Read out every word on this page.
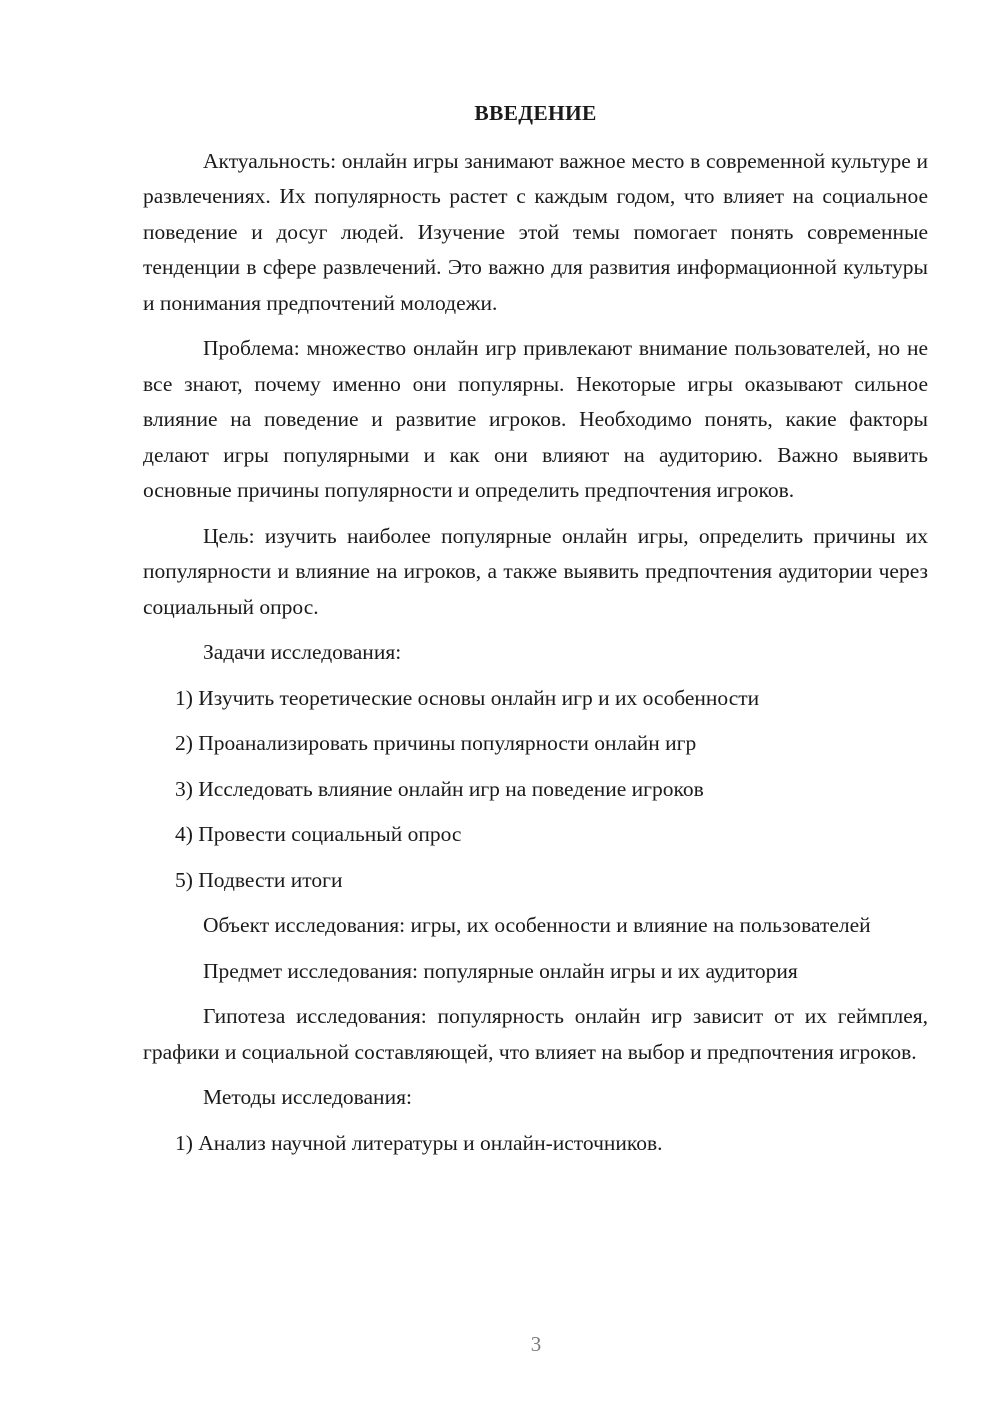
ВВЕДЕНИЕ

Актуальность: онлайн игры занимают важное место в современной культуре и развлечениях. Их популярность растет с каждым годом, что влияет на социальное поведение и досуг людей. Изучение этой темы помогает понять современные тенденции в сфере развлечений. Это важно для развития информационной культуры и понимания предпочтений молодежи.

Проблема: множество онлайн игр привлекают внимание пользователей, но не все знают, почему именно они популярны. Некоторые игры оказывают сильное влияние на поведение и развитие игроков. Необходимо понять, какие факторы делают игры популярными и как они влияют на аудиторию. Важно выявить основные причины популярности и определить предпочтения игроков.

Цель: изучить наиболее популярные онлайн игры, определить причины их популярности и влияние на игроков, а также выявить предпочтения аудитории через социальный опрос.

Задачи исследования:

1) Изучить теоретические основы онлайн игр и их особенности

2) Проанализировать причины популярности онлайн игр

3) Исследовать влияние онлайн игр на поведение игроков

4) Провести социальный опрос

5) Подвести итоги

Объект исследования: игры, их особенности и влияние на пользователей

Предмет исследования: популярные онлайн игры и их аудитория

Гипотеза исследования: популярность онлайн игр зависит от их геймплея, графики и социальной составляющей, что влияет на выбор и предпочтения игроков.

Методы исследования:

1) Анализ научной литературы и онлайн-источников.

3
